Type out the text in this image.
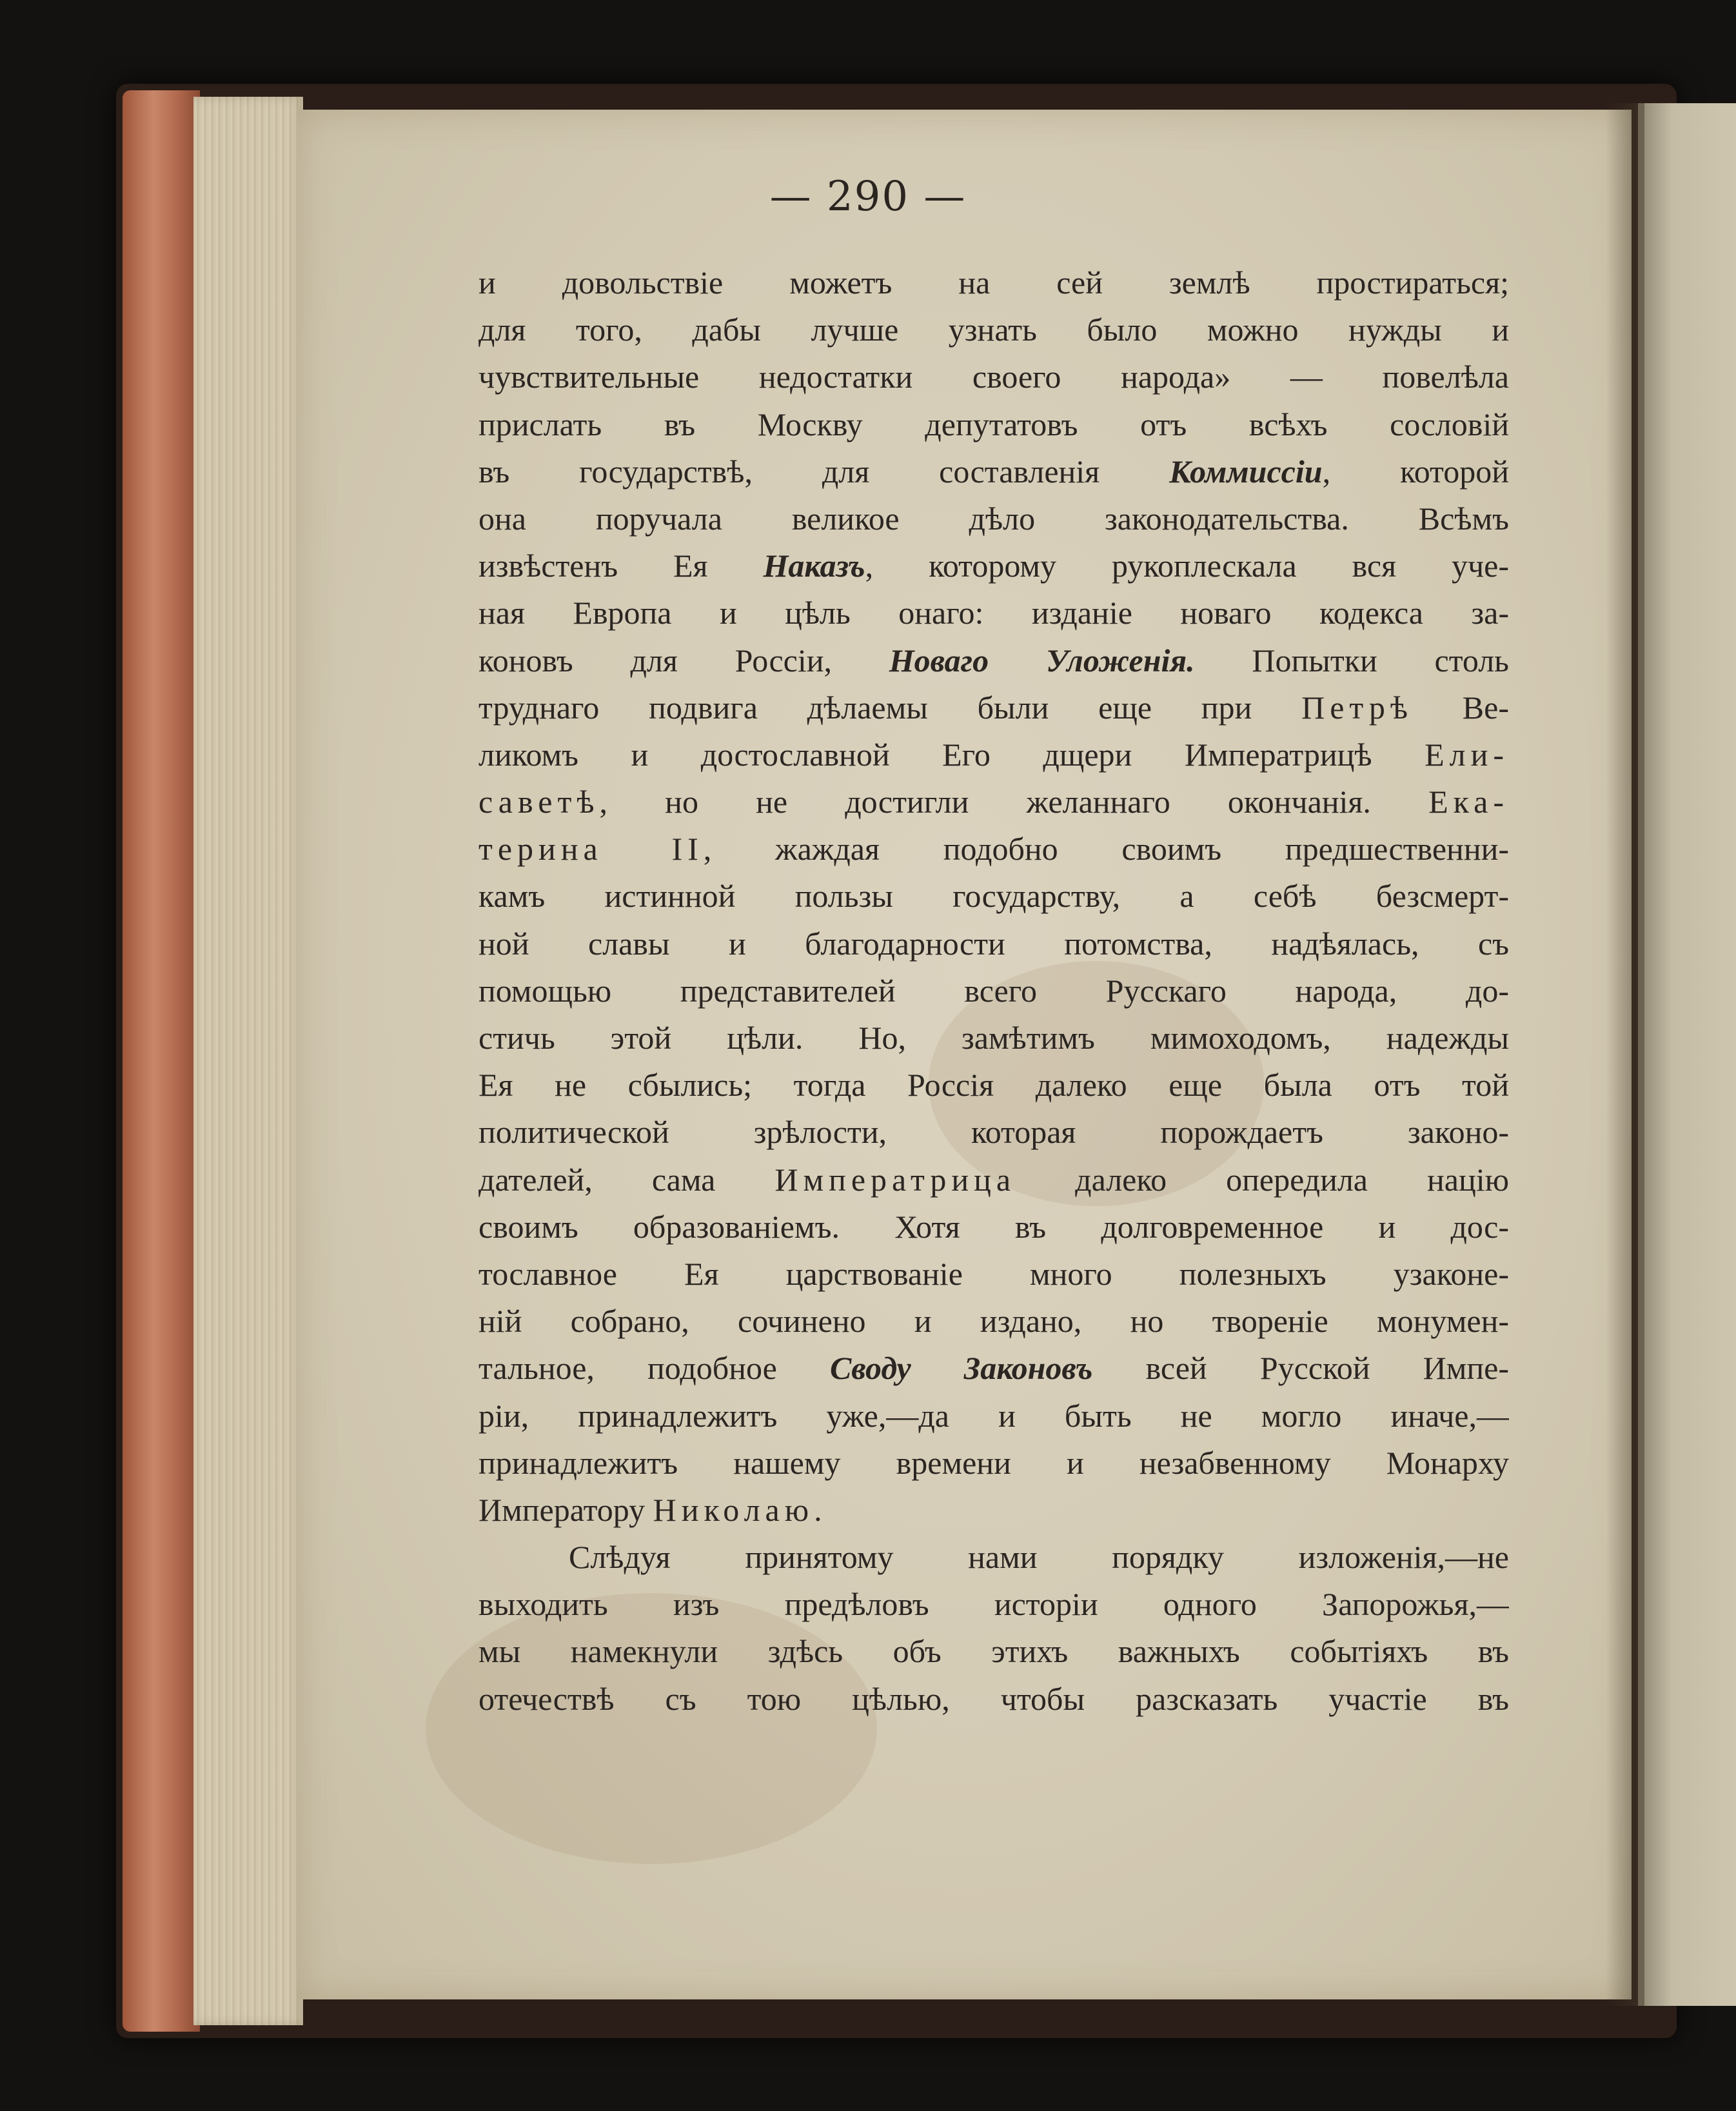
— 290 —
и довольствіе можетъ на сей землѣ простираться;
для того, дабы лучше узнать было можно нужды и
чувствительные недостатки своего народа» — повелѣла
прислать въ Москву депутатовъ отъ всѣхъ сословій
въ государствѣ, для составленія Коммиссіи, которой
она поручала великое дѣло законодательства. Всѣмъ
извѣстенъ Ея Наказъ, которому рукоплескала вся уче-
ная Европа и цѣль онаго: изданіе новаго кодекса за-
коновъ для Россіи, Новаго Уложенія. Попытки столь
труднаго подвига дѣлаемы были еще при Петрѣ Ве-
ликомъ и достославной Его дщери Императрицѣ Ели-
саветѣ, но не достигли желаннаго окончанія. Ека-
терина II, жаждая подобно своимъ предшественни-
камъ истинной пользы государству, а себѣ безсмерт-
ной славы и благодарности потомства, надѣялась, съ
помощью представителей всего Русскаго народа, до-
стичь этой цѣли. Но, замѣтимъ мимоходомъ, надежды
Ея не сбылись; тогда Россія далеко еще была отъ той
политической зрѣлости, которая порождаетъ законо-
дателей, сама Императрица далеко опередила націю
своимъ образованіемъ. Хотя въ долговременное и дос-
тославное Ея царствованіе много полезныхъ узаконе-
ній собрано, сочинено и издано, но твореніе монумен-
тальное, подобное Своду Законовъ всей Русской Импе-
ріи, принадлежитъ уже,—да и быть не могло иначе,—
принадлежитъ нашему времени и незабвенному Монарху
Императору Николаю.
Слѣдуя принятому нами порядку изложенія,—не
выходить изъ предѣловъ исторіи одного Запорожья,—
мы намекнули здѣсь объ этихъ важныхъ событіяхъ въ
отечествѣ съ тою цѣлью, чтобы разсказать участіе въ
